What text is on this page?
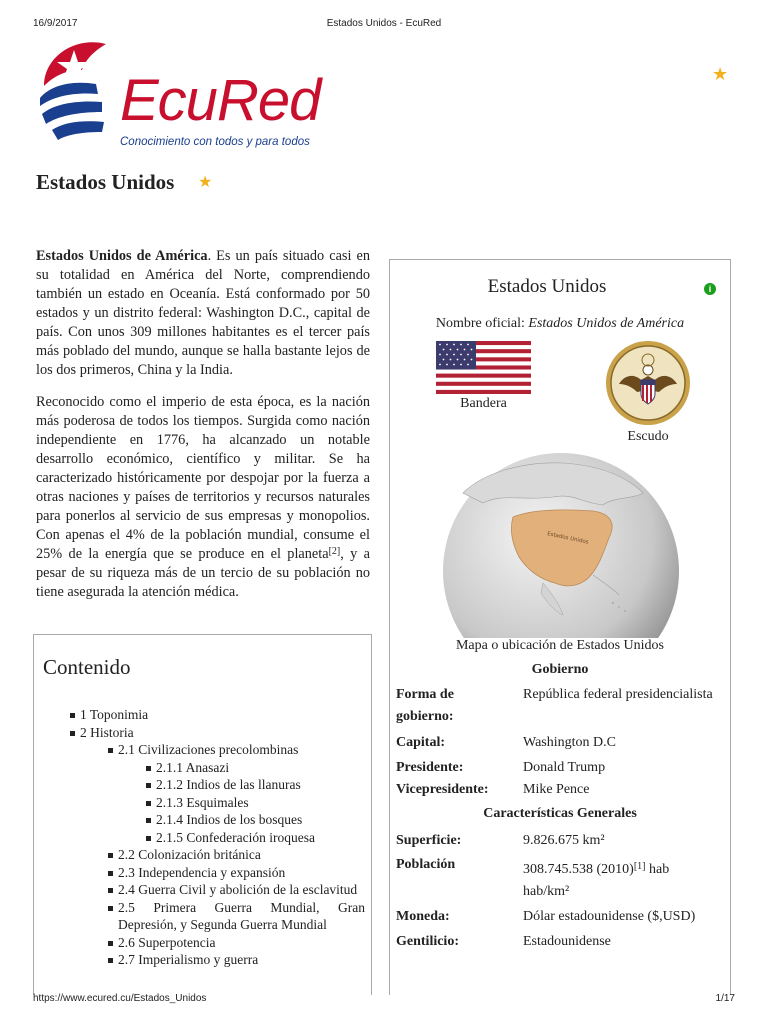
16/9/2017	Estados Unidos - EcuRed
EcuRed
Conocimiento con todos y para todos
★
Estados Unidos ★

Estados Unidos de América. Es un país situado casi en su totalidad en América del Norte, comprendiendo también un estado en Oceanía. Está conformado por 50 estados y un distrito federal: Washington D.C., capital de país. Con unos 309 millones habitantes es el tercer país más poblado del mundo, aunque se halla bastante lejos de los dos primeros, China y la India.

Reconocido como el imperio de esta época, es la nación más poderosa de todos los tiempos. Surgida como nación independiente en 1776, ha alcanzado un notable desarrollo económico, científico y militar. Se ha caracterizado históricamente por despojar por la fuerza a otras naciones y países de territorios y recursos naturales para ponerlos al servicio de sus empresas y monopolios. Con apenas el 4% de la población mundial, consume el 25% de la energía que se produce en el planeta[2], y a pesar de su riqueza más de un tercio de su población no tiene asegurada la atención médica.

Contenido
1 Toponimia
2 Historia
2.1 Civilizaciones precolombinas
2.1.1 Anasazi
2.1.2 Indios de las llanuras
2.1.3 Esquimales
2.1.4 Indios de los bosques
2.1.5 Confederación iroquesa
2.2 Colonización británica
2.3 Independencia y expansión
2.4 Guerra Civil y abolición de la esclavitud
2.5 Primera Guerra Mundial, Gran Depresión, y Segunda Guerra Mundial
2.6 Superpotencia
2.7 Imperialismo y guerra
Estados Unidos	i
Nombre oficial: Estados Unidos de América
Bandera
Escudo
Estados Unidos
Mapa o ubicación de Estados Unidos
Gobierno
Forma de gobierno:
República federal presidencialista
Capital:	Washington D.C
Presidente:	Donald Trump
Vicepresidente:	Mike Pence
Características Generales
Superficie:	9.826.675 km²
Población	308.745.538 (2010)[1] hab
hab/km²
Moneda:	Dólar estadounidense ($,USD)
Gentilicio:	Estadounidense
https://www.ecured.cu/Estados_Unidos	1/17
